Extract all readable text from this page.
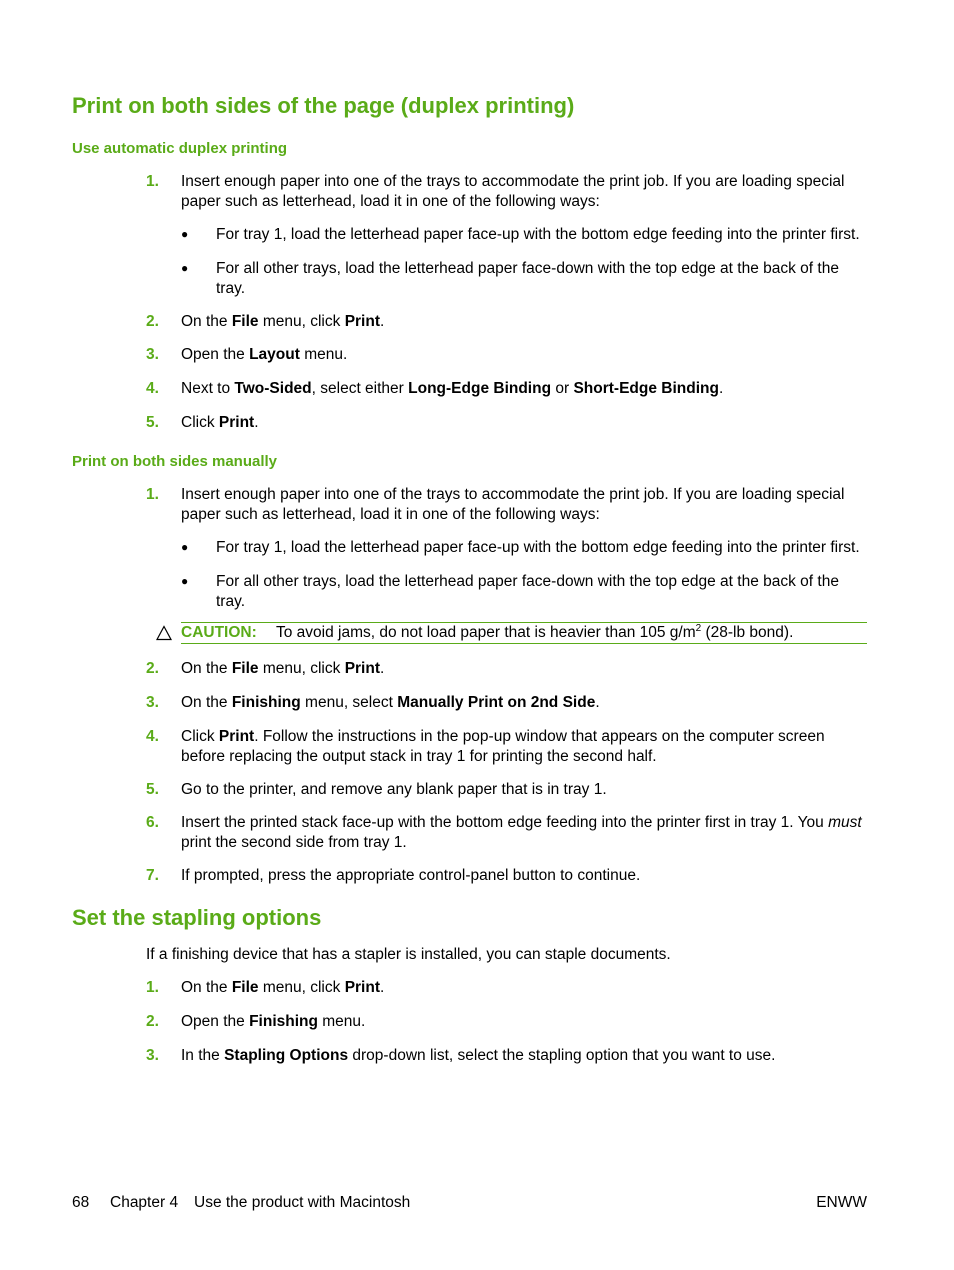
Print on both sides of the page (duplex printing)
Use automatic duplex printing
1. Insert enough paper into one of the trays to accommodate the print job. If you are loading special paper such as letterhead, load it in one of the following ways:
● For tray 1, load the letterhead paper face-up with the bottom edge feeding into the printer first.
● For all other trays, load the letterhead paper face-down with the top edge at the back of the tray.
2. On the File menu, click Print.
3. Open the Layout menu.
4. Next to Two-Sided, select either Long-Edge Binding or Short-Edge Binding.
5. Click Print.
Print on both sides manually
1. Insert enough paper into one of the trays to accommodate the print job. If you are loading special paper such as letterhead, load it in one of the following ways:
● For tray 1, load the letterhead paper face-up with the bottom edge feeding into the printer first.
● For all other trays, load the letterhead paper face-down with the top edge at the back of the tray.
CAUTION: To avoid jams, do not load paper that is heavier than 105 $g/m^2$ (28-lb bond).
2. On the File menu, click Print.
3. On the Finishing menu, select Manually Print on 2nd Side.
4. Click Print. Follow the instructions in the pop-up window that appears on the computer screen before replacing the output stack in tray 1 for printing the second half.
5. Go to the printer, and remove any blank paper that is in tray 1.
6. Insert the printed stack face-up with the bottom edge feeding into the printer first in tray 1. You must print the second side from tray 1.
7. If prompted, press the appropriate control-panel button to continue.
Set the stapling options
If a finishing device that has a stapler is installed, you can staple documents.
1. On the File menu, click Print.
2. Open the Finishing menu.
3. In the Stapling Options drop-down list, select the stapling option that you want to use.
68 Chapter 4 Use the product with Macintosh	ENWW
